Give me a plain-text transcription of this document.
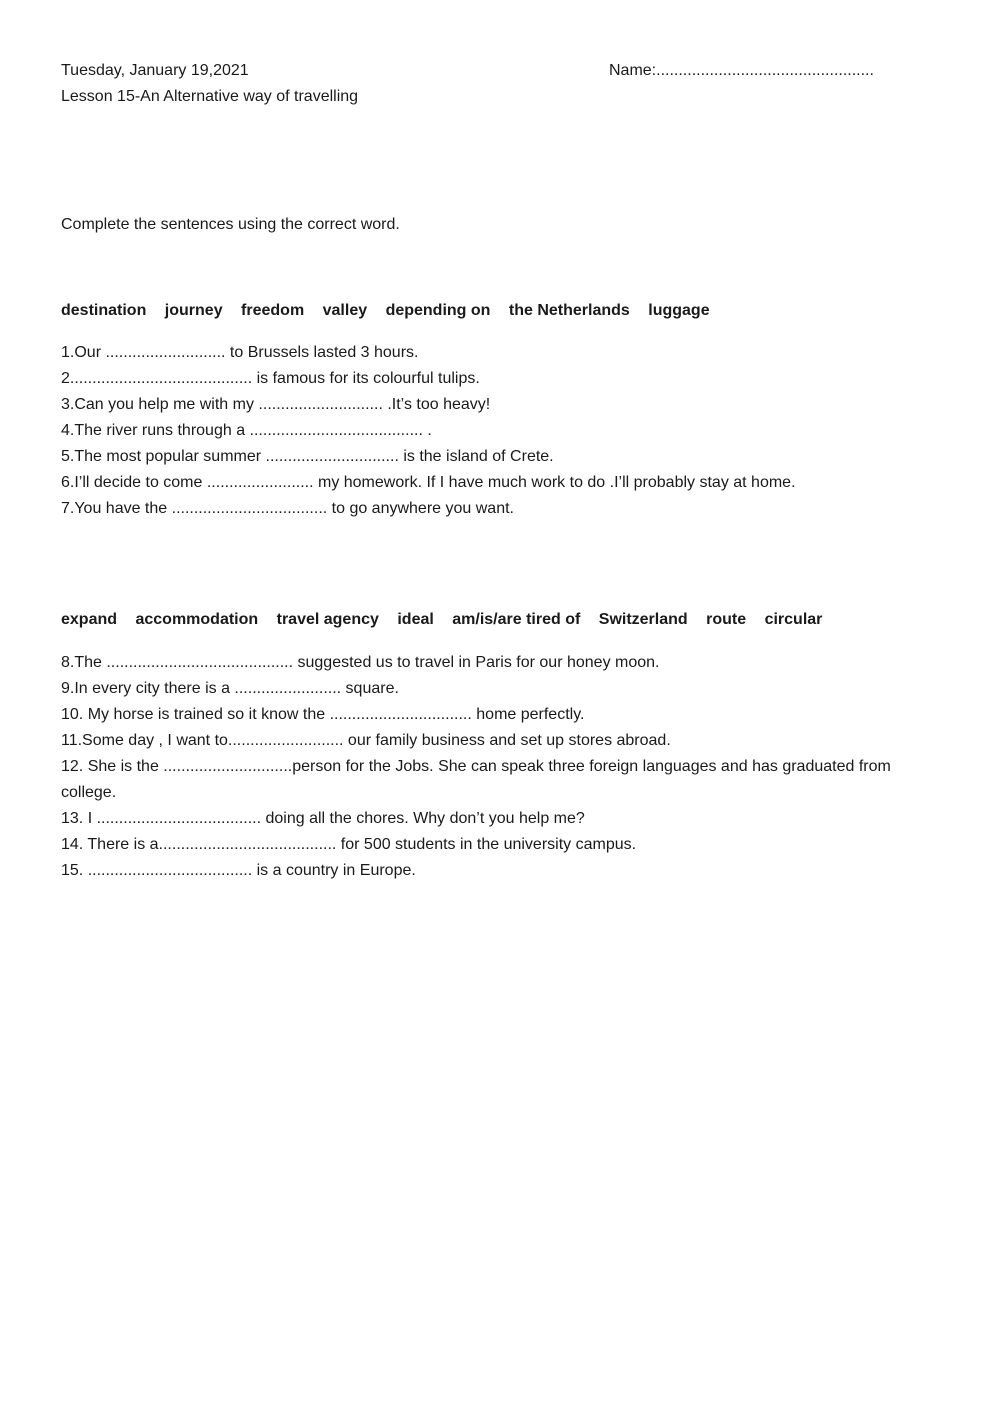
Tuesday, January 19,2021	Name:.................................................
Lesson 15-An Alternative way of travelling
Complete the sentences using the correct word.
destination journey freedom valley depending on the Netherlands luggage
1.Our ........................... to Brussels lasted 3 hours.
2......................................... is famous for its colourful tulips.
3.Can you help me with my ............................ .It’s too heavy!
4.The river runs through a ....................................... .
5.The most popular summer .............................. is the island of Crete.
6.I’ll decide to come ........................ my homework. If I have much work to do .I’ll probably stay at home.
7.You have the ................................... to go anywhere you want.
expand accommodation travel agency ideal am/is/are tired of Switzerland route circular
8.The .......................................... suggested us to travel in Paris for our honey moon.
9.In every city there is a ........................ square.
10. My horse is trained so it know the ................................ home perfectly.
11.Some day , I want to.......................... our family business and set up stores abroad.
12. She is the .............................person for the Jobs. She can speak three foreign languages and has graduated from college.
13. I ..................................... doing all the chores. Why don’t you help me?
14. There is a........................................ for 500 students in the university campus.
15. ..................................... is a country in Europe.
